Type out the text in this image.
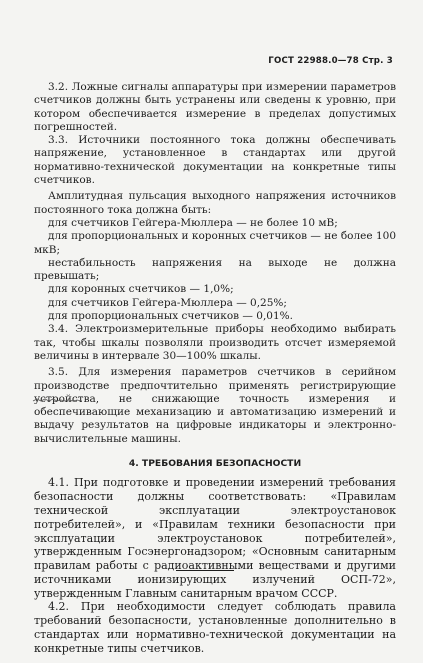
ГОСТ 22988.0—78 Стр. 3

3.2. Ложные сигналы аппаратуры при измерении параметров счетчиков должны быть устранены или сведены к уровню, при котором обеспечивается измерение в пределах допустимых погрешностей.

3.3. Источники постоянного тока должны обеспечивать напряжение, установленное в стандартах или другой нормативно-технической документации на конкретные типы счетчиков.

Амплитудная пульсация выходного напряжения источников постоянного тока должна быть:

для счетчиков Гейгера-Мюллера — не более 10 мВ;

для пропорциональных и коронных счетчиков — не более 100 мкВ;

нестабильность напряжения на выходе не должна превышать;

для коронных счетчиков — 1,0%;

для счетчиков Гейгера-Мюллера — 0,25%;

для пропорциональных счетчиков — 0,01%.

3.4. Электроизмерительные приборы необходимо выбирать так, чтобы шкалы позволяли производить отсчет измеряемой величины в интервале 30—100% шкалы.

3.5. Для измерения параметров счетчиков в серийном производстве предпочтительно применять регистрирующие устройства, не снижающие точность измерения и обеспечивающие механизацию и автоматизацию измерений и выдачу результатов на цифровые индикаторы и электронно-вычислительные машины.

4. ТРЕБОВАНИЯ БЕЗОПАСНОСТИ

4.1. При подготовке и проведении измерений требования безопасности должны соответствовать: «Правилам технической эксплуатации электроустановок потребителей», и «Правилам техники безопасности при эксплуатации электроустановок потребителей», утвержденным Госэнергонадзором; «Основным санитарным правилам работы с радиоактивными веществами и другими источниками ионизирующих излучений ОСП-72», утвержденным Главным санитарным врачом СССР.

4.2. При необходимости следует соблюдать правила требований безопасности, установленные дополнительно в стандартах или нормативно-технической документации на конкретные типы счетчиков.
